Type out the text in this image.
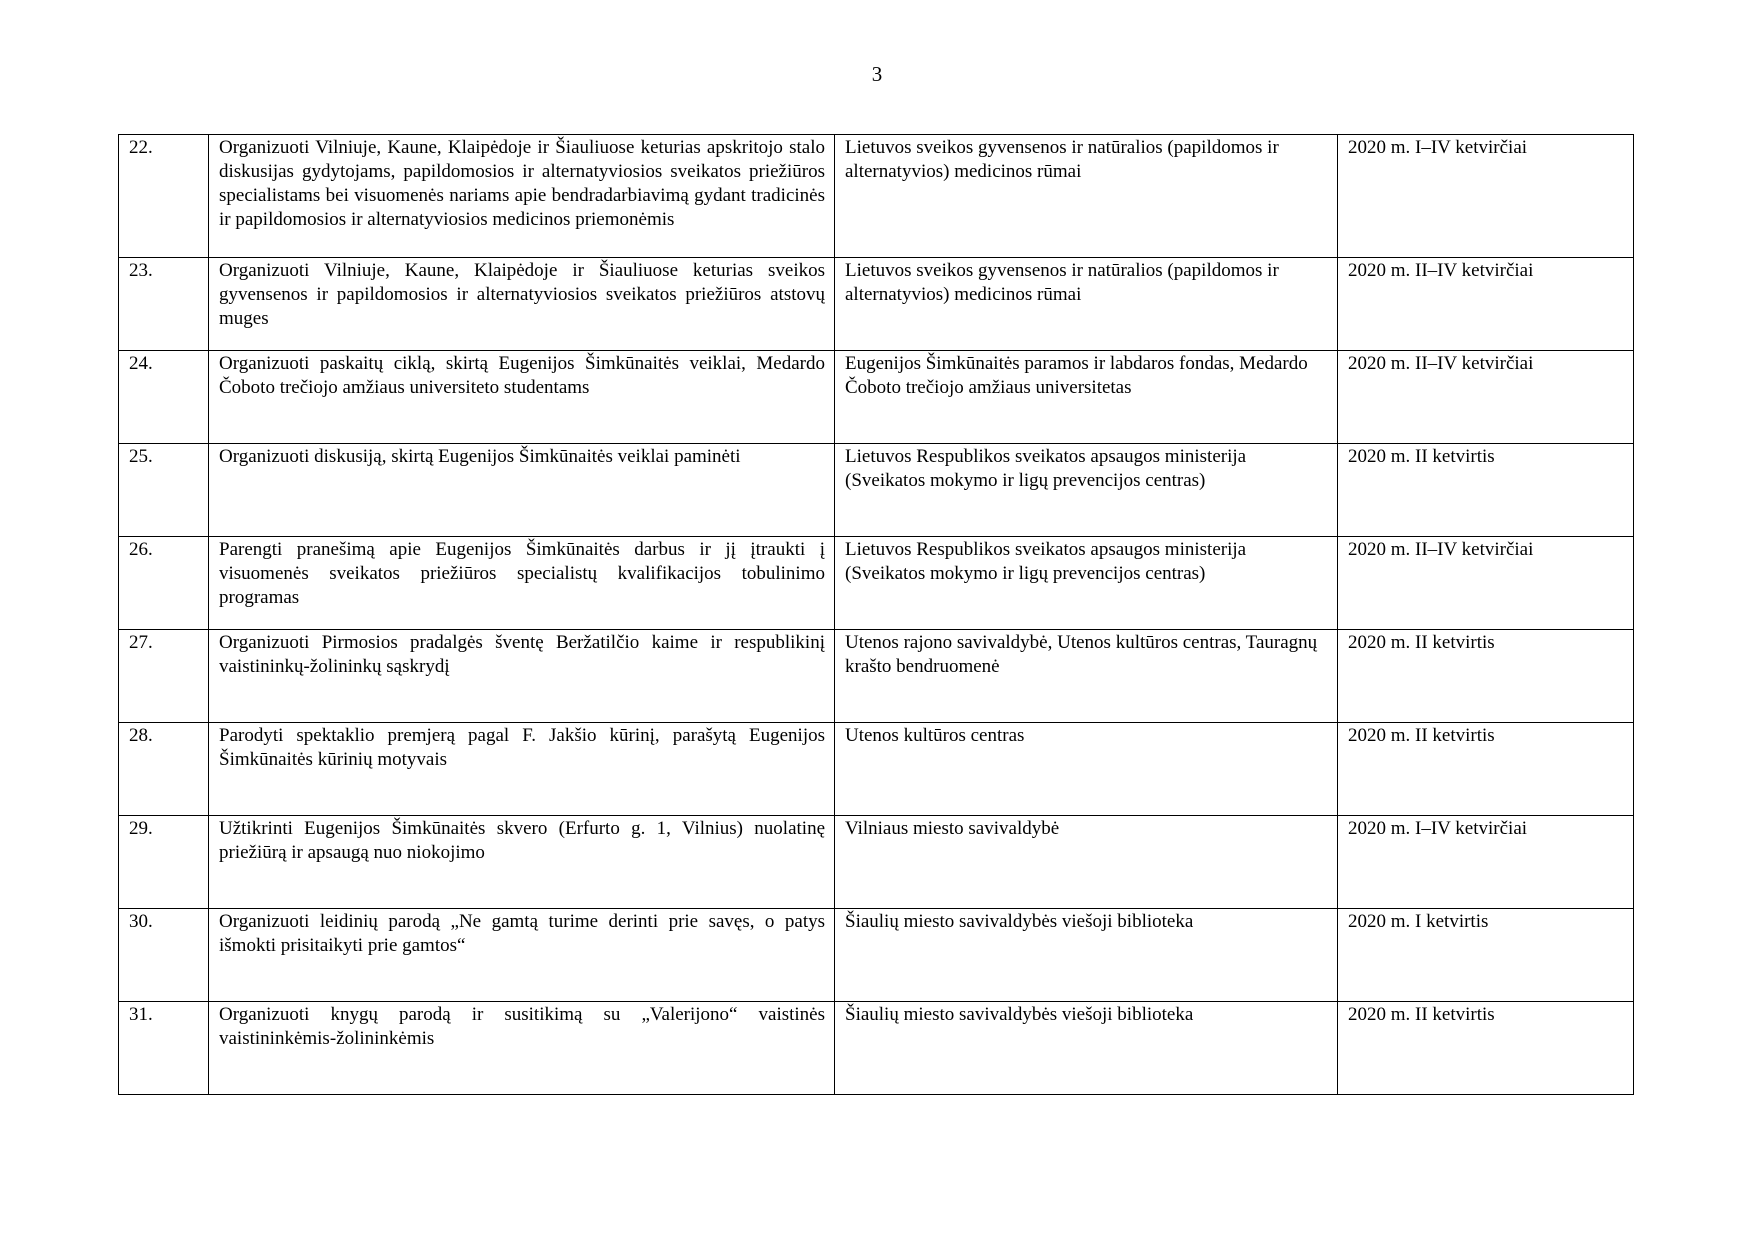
3
22.	Organizuoti Vilniuje, Kaune, Klaipėdoje ir Šiauliuose keturias apskritojo stalo diskusijas gydytojams, papildomosios ir alternatyviosios sveikatos priežiūros specialistams bei visuomenės nariams apie bendradarbiavimą gydant tradicinės ir papildomosios ir alternatyviosios medicinos priemonėmis	Lietuvos sveikos gyvensenos ir natūralios (papildomos ir alternatyvios) medicinos rūmai	2020 m. I–IV ketvirčiai
23.	Organizuoti Vilniuje, Kaune, Klaipėdoje ir Šiauliuose keturias sveikos gyvensenos ir papildomosios ir alternatyviosios sveikatos priežiūros atstovų muges	Lietuvos sveikos gyvensenos ir natūralios (papildomos ir alternatyvios) medicinos rūmai	2020 m. II–IV ketvirčiai
24.	Organizuoti paskaitų ciklą, skirtą Eugenijos Šimkūnaitės veiklai, Medardo Čoboto trečiojo amžiaus universiteto studentams	Eugenijos Šimkūnaitės paramos ir labdaros fondas, Medardo Čoboto trečiojo amžiaus universitetas	2020 m. II–IV ketvirčiai
25.	Organizuoti diskusiją, skirtą Eugenijos Šimkūnaitės veiklai paminėti	Lietuvos Respublikos sveikatos apsaugos ministerija (Sveikatos mokymo ir ligų prevencijos centras)	2020 m. II ketvirtis
26.	Parengti pranešimą apie Eugenijos Šimkūnaitės darbus ir jį įtraukti į visuomenės sveikatos priežiūros specialistų kvalifikacijos tobulinimo programas	Lietuvos Respublikos sveikatos apsaugos ministerija (Sveikatos mokymo ir ligų prevencijos centras)	2020 m. II–IV ketvirčiai
27.	Organizuoti Pirmosios pradalgės šventę Beržatilčio kaime ir respublikinį vaistininkų-žolininkų sąskrydį	Utenos rajono savivaldybė, Utenos kultūros centras, Tauragnų krašto bendruomenė	2020 m. II ketvirtis
28.	Parodyti spektaklio premjerą pagal F. Jakšio kūrinį, parašytą Eugenijos Šimkūnaitės kūrinių motyvais	Utenos kultūros centras	2020 m. II ketvirtis
29.	Užtikrinti Eugenijos Šimkūnaitės skvero (Erfurto g. 1, Vilnius) nuolatinę priežiūrą ir apsaugą nuo niokojimo	Vilniaus miesto savivaldybė	2020 m. I–IV ketvirčiai
30.	Organizuoti leidinių parodą „Ne gamtą turime derinti prie savęs, o patys išmokti prisitaikyti prie gamtos“	Šiaulių miesto savivaldybės viešoji biblioteka	2020 m. I ketvirtis
31.	Organizuoti knygų parodą ir susitikimą su „Valerijono“ vaistinės vaistininkėmis-žolininkėmis	Šiaulių miesto savivaldybės viešoji biblioteka	2020 m. II ketvirtis
